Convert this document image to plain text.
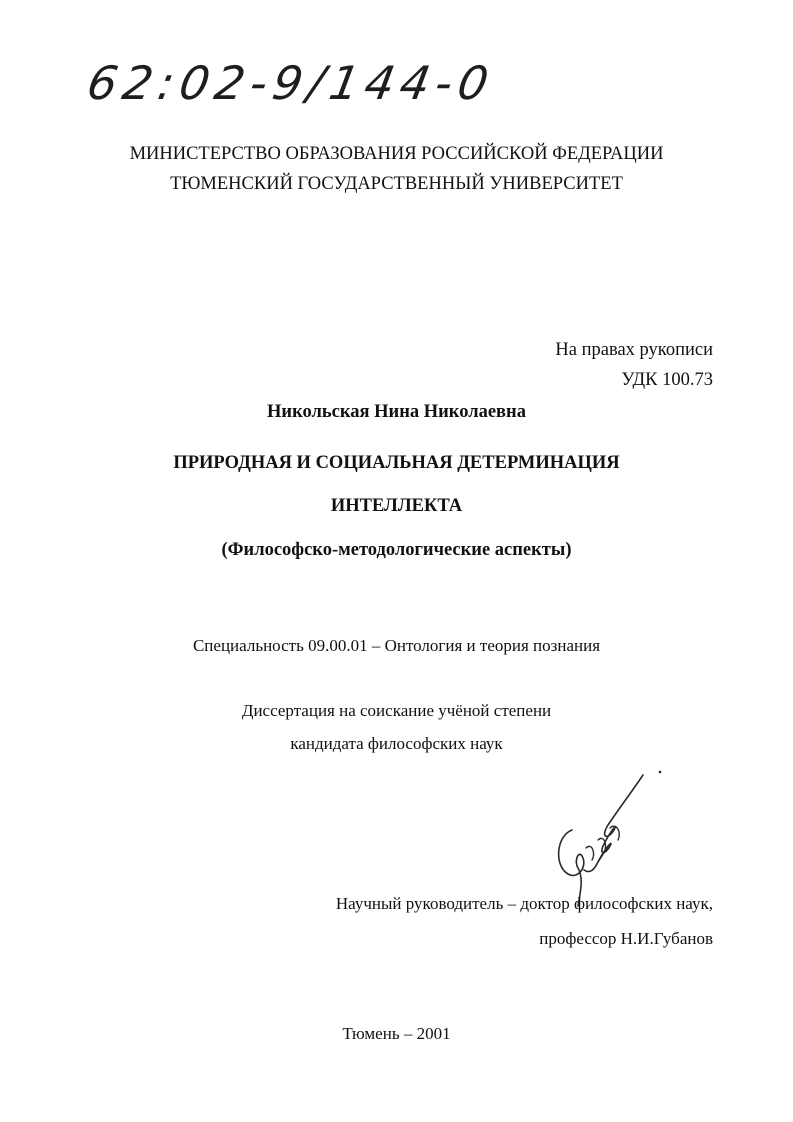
62:02-9/144-0
МИНИСТЕРСТВО ОБРАЗОВАНИЯ РОССИЙСКОЙ ФЕДЕРАЦИИ
ТЮМЕНСКИЙ ГОСУДАРСТВЕННЫЙ УНИВЕРСИТЕТ
На правах рукописи
УДК 100.73
Никольская Нина Николаевна
ПРИРОДНАЯ И СОЦИАЛЬНАЯ ДЕТЕРМИНАЦИЯ
ИНТЕЛЛЕКТА
(Философско-методологические аспекты)
Специальность 09.00.01 – Онтология и теория познания
Диссертация на соискание учёной степени
кандидата философских наук
Научный руководитель – доктор философских наук,
профессор Н.И.Губанов
Тюмень – 2001
